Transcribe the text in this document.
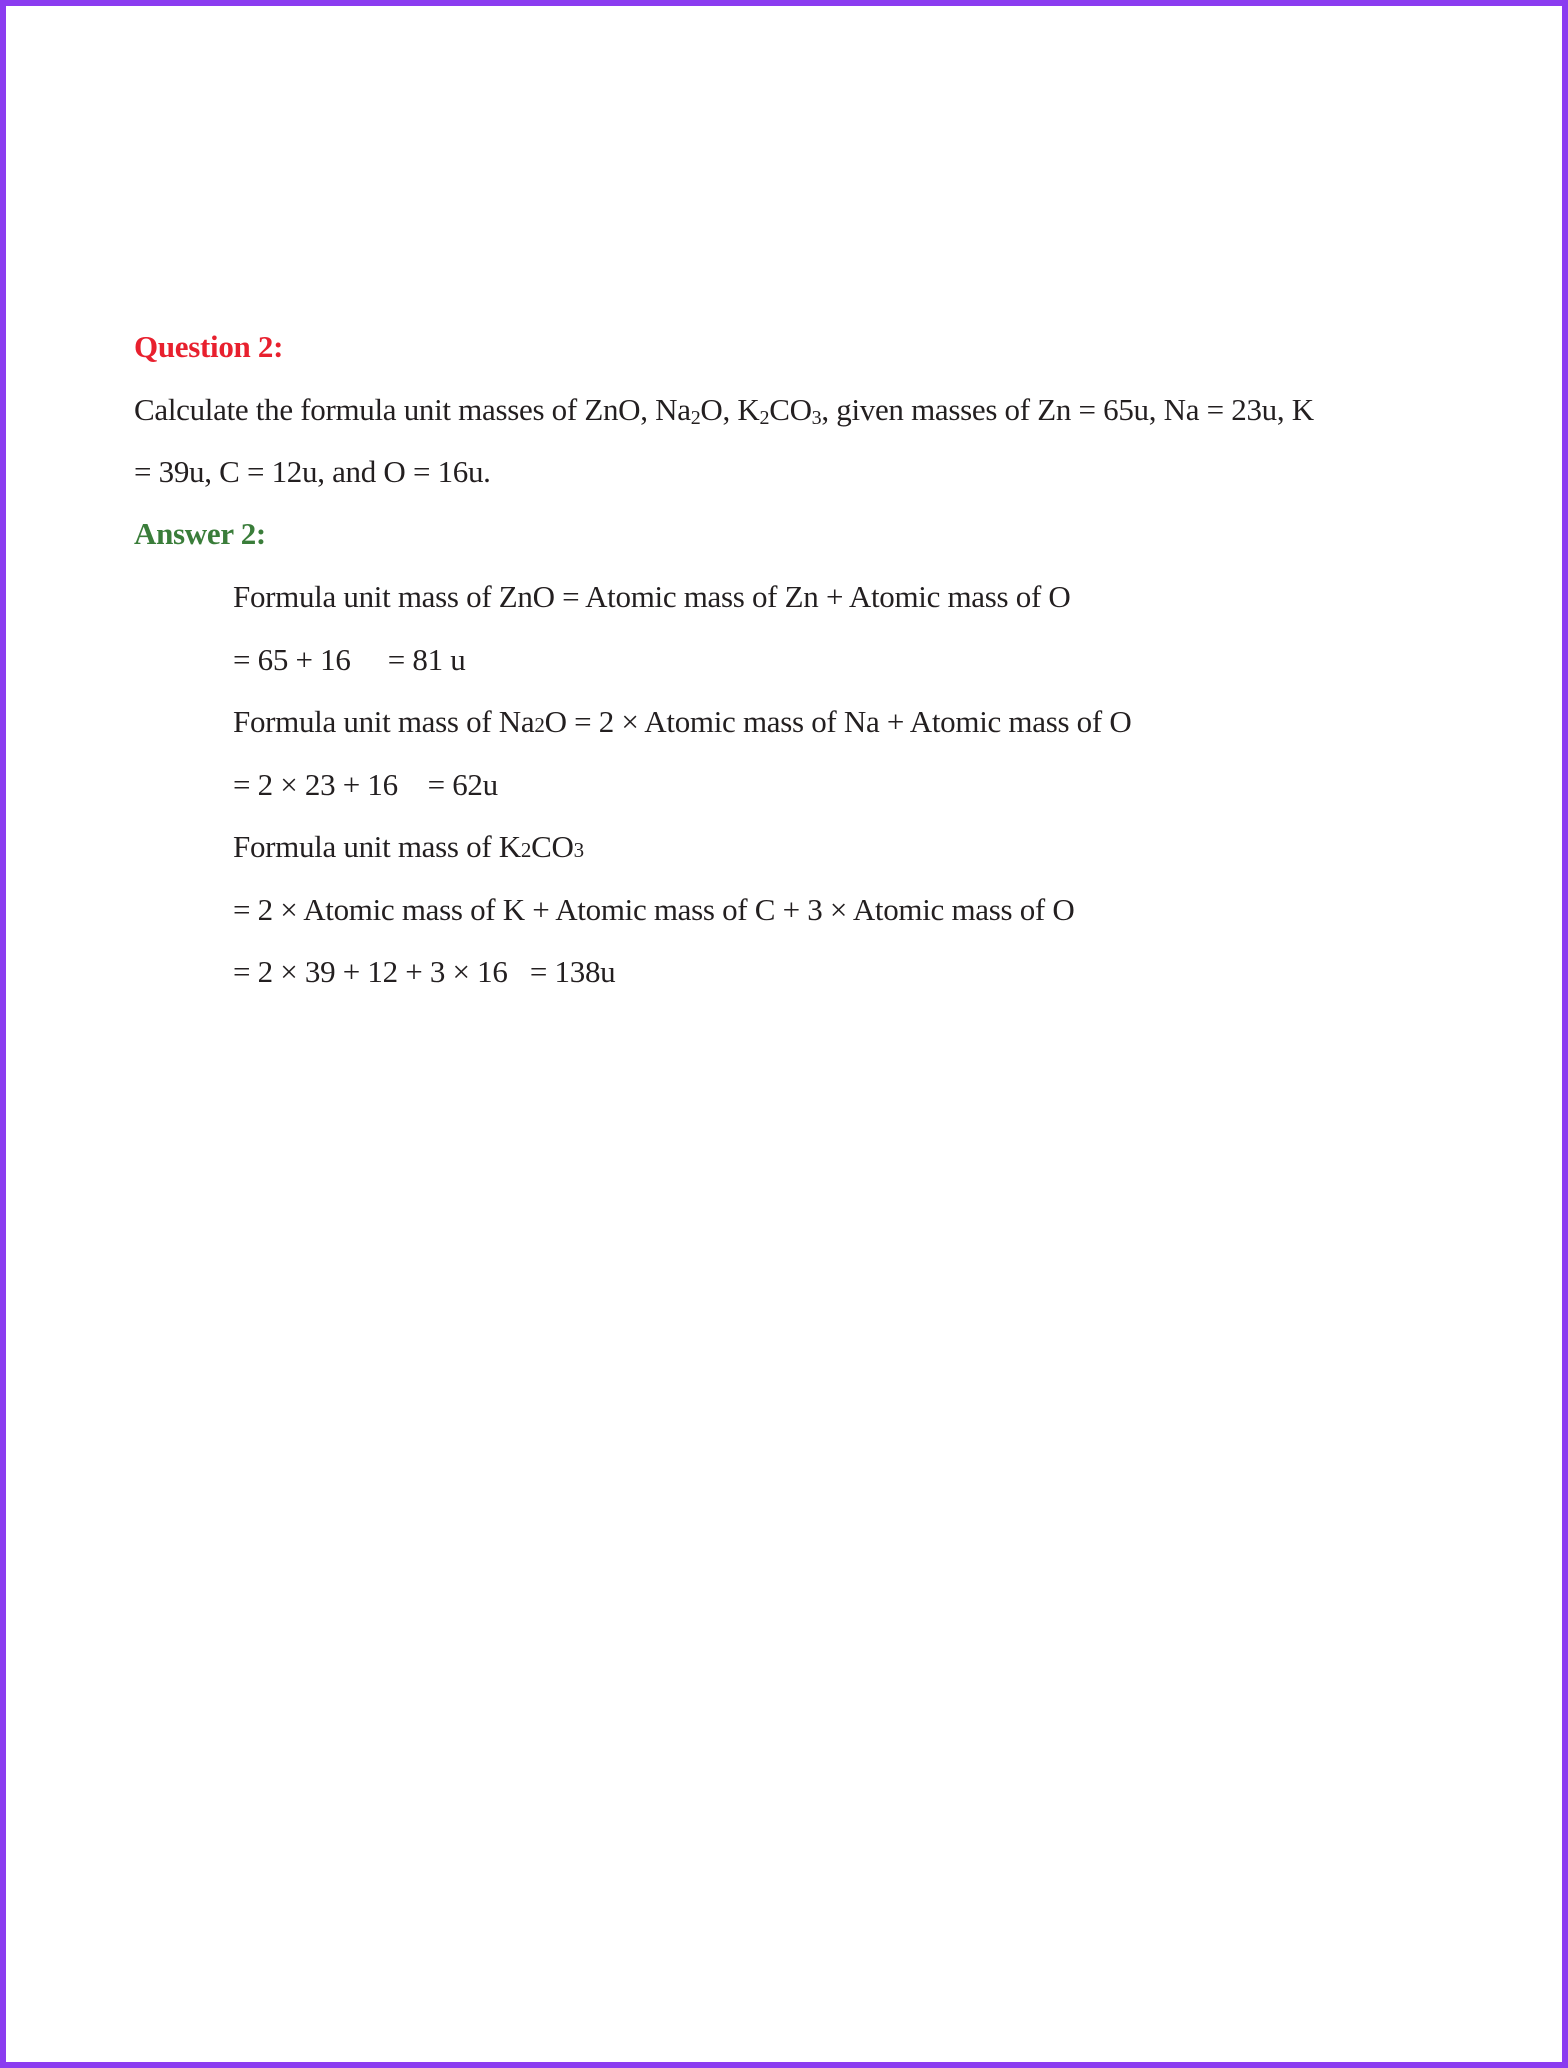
Question 2:
Calculate the formula unit masses of ZnO, $Na_2O$, $K_2CO_3$, given masses of Zn = 65u, Na = 23u, K
= 39u, C = 12u, and O = 16u.
Answer 2:
Formula unit mass of ZnO = Atomic mass of Zn + Atomic mass of O
= 65 + 16     = 81 u
Formula unit mass of Na2O = 2 × Atomic mass of Na + Atomic mass of O
= 2 × 23 + 16    = 62u
Formula unit mass of K2CO3
= 2 × Atomic mass of K + Atomic mass of C + 3 × Atomic mass of O
= 2 × 39 + 12 + 3 × 16   = 138u
